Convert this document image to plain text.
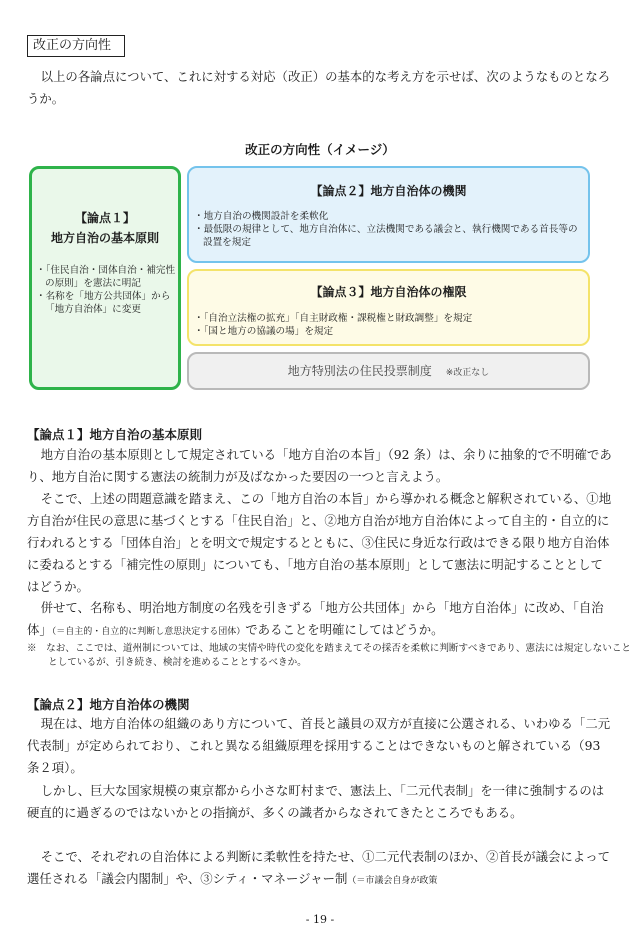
改正の方向性

以上の各論点について、これに対する対応（改正）の基本的な考え方を示せば、次のようなものとなろうか。

改正の方向性（イメージ）
【論点１】
地方自治の基本原則
・「住民自治・団体自治・補完性の原則」を憲法に明記
・名称を「地方公共団体」から「地方自治体」に変更
【論点２】地方自治体の機関
・地方自治の機関設計を柔軟化
・最低限の規律として、地方自治体に、立法機関である議会と、執行機関である首長等の設置を規定
【論点３】地方自治体の権限
・「自治立法権の拡充」「自主財政権・課税権と財政調整」を規定
・「国と地方の協議の場」を規定
地方特別法の住民投票制度 ※改正なし
【論点１】地方自治の基本原則

地方自治の基本原則として規定されている「地方自治の本旨」（92 条）は、余りに抽象的で不明確であり、地方自治に関する憲法の統制力が及ばなかった要因の一つと言えよう。

そこで、上述の問題意識を踏まえ、この「地方自治の本旨」から導かれる概念と解釈されている、①地方自治が住民の意思に基づくとする「住民自治」と、②地方自治が地方自治体によって自主的・自立的に行われるとする「団体自治」とを明文で規定するとともに、③住民に身近な行政はできる限り地方自治体に委ねるとする「補完性の原則」についても、「地方自治の基本原則」として憲法に明記することとしてはどうか。

併せて、名称も、明治地方制度の名残を引きずる「地方公共団体」から「地方自治体」に改め、「自治体」（＝自主的・自立的に判断し意思決定する団体）であることを明確にしてはどうか。

※　なお、ここでは、道州制については、地域の実情や時代の変化を踏まえてその採否を柔軟に判断すべきであり、憲法には規定しないこととしているが、引き続き、検討を進めることとするべきか。

【論点２】地方自治体の機関

現在は、地方自治体の組織のあり方について、首長と議員の双方が直接に公選される、いわゆる「二元代表制」が定められており、これと異なる組織原理を採用することはできないものと解されている（93 条２項）。

しかし、巨大な国家規模の東京都から小さな町村まで、憲法上、「二元代表制」を一律に強制するのは硬直的に過ぎるのではないかとの指摘が、多くの識者からなされてきたところでもある。

そこで、それぞれの自治体による判断に柔軟性を持たせ、①二元代表制のほか、②首長が議会によって選任される「議会内閣制」や、③シティ・マネージャー制（＝市議会自身が政策

- 19 -
